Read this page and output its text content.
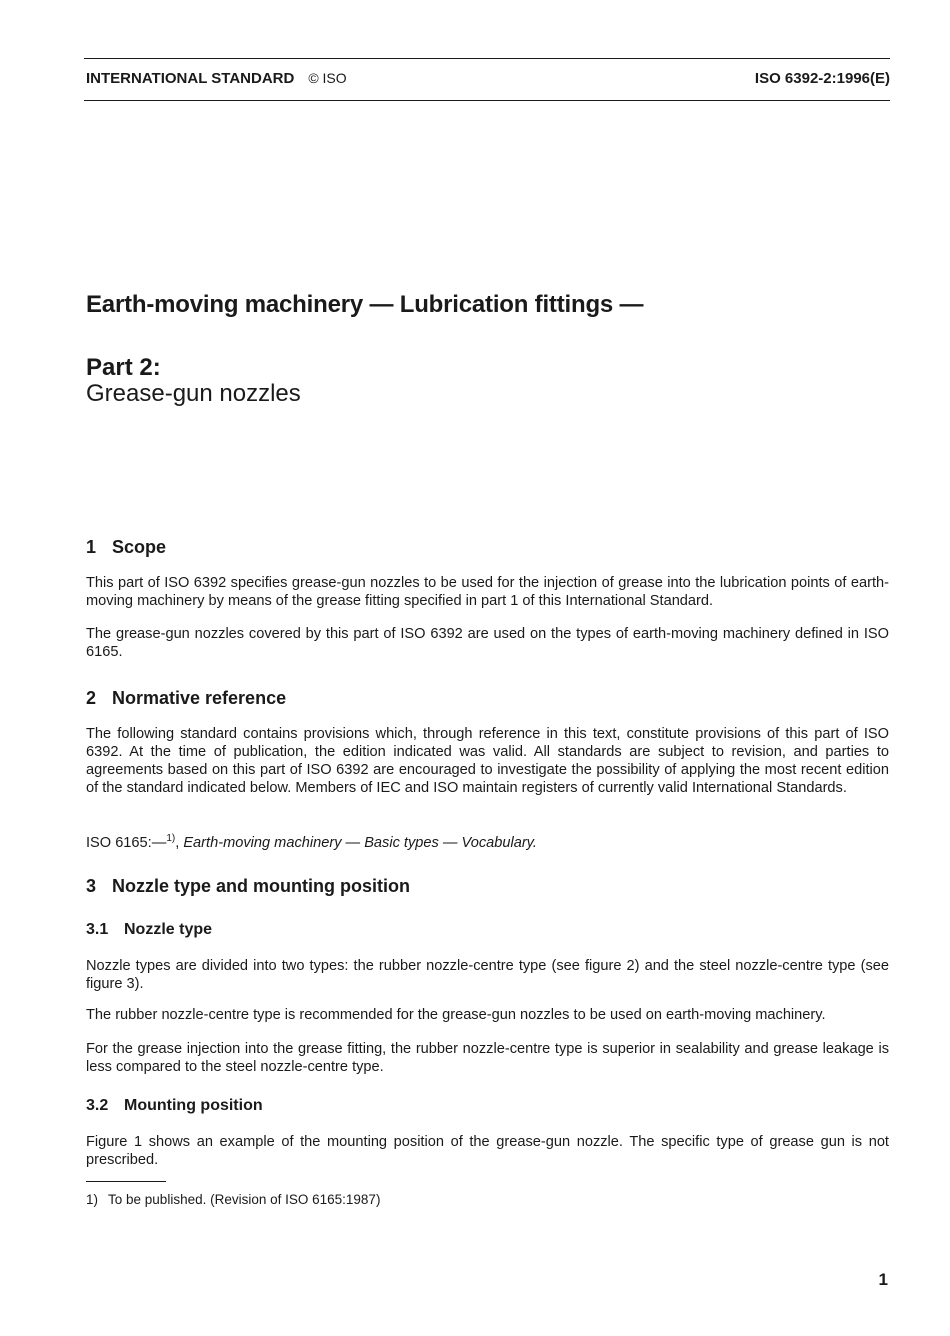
INTERNATIONAL STANDARD © ISO	ISO 6392-2:1996(E)
Earth-moving machinery — Lubrication fittings —
Part 2:
Grease-gun nozzles
1 Scope
This part of ISO 6392 specifies grease-gun nozzles to be used for the injection of grease into the lubrication points of earth-moving machinery by means of the grease fitting specified in part 1 of this International Standard.
The grease-gun nozzles covered by this part of ISO 6392 are used on the types of earth-moving machinery defined in ISO 6165.
2 Normative reference
The following standard contains provisions which, through reference in this text, constitute provisions of this part of ISO 6392. At the time of publication, the edition indicated was valid. All standards are subject to revision, and parties to agreements based on this part of ISO 6392 are encouraged to investigate the possibility of applying the most recent edition of the standard indicated below. Members of IEC and ISO maintain registers of currently valid International Standards.
ISO 6165:—$^{1)}$, Earth-moving machinery — Basic types — Vocabulary.
3 Nozzle type and mounting position
3.1 Nozzle type
Nozzle types are divided into two types: the rubber nozzle-centre type (see figure 2) and the steel nozzle-centre type (see figure 3).
The rubber nozzle-centre type is recommended for the grease-gun nozzles to be used on earth-moving machinery.
For the grease injection into the grease fitting, the rubber nozzle-centre type is superior in sealability and grease leakage is less compared to the steel nozzle-centre type.
3.2 Mounting position
Figure 1 shows an example of the mounting position of the grease-gun nozzle. The specific type of grease gun is not prescribed.
1) To be published. (Revision of ISO 6165:1987)
1
